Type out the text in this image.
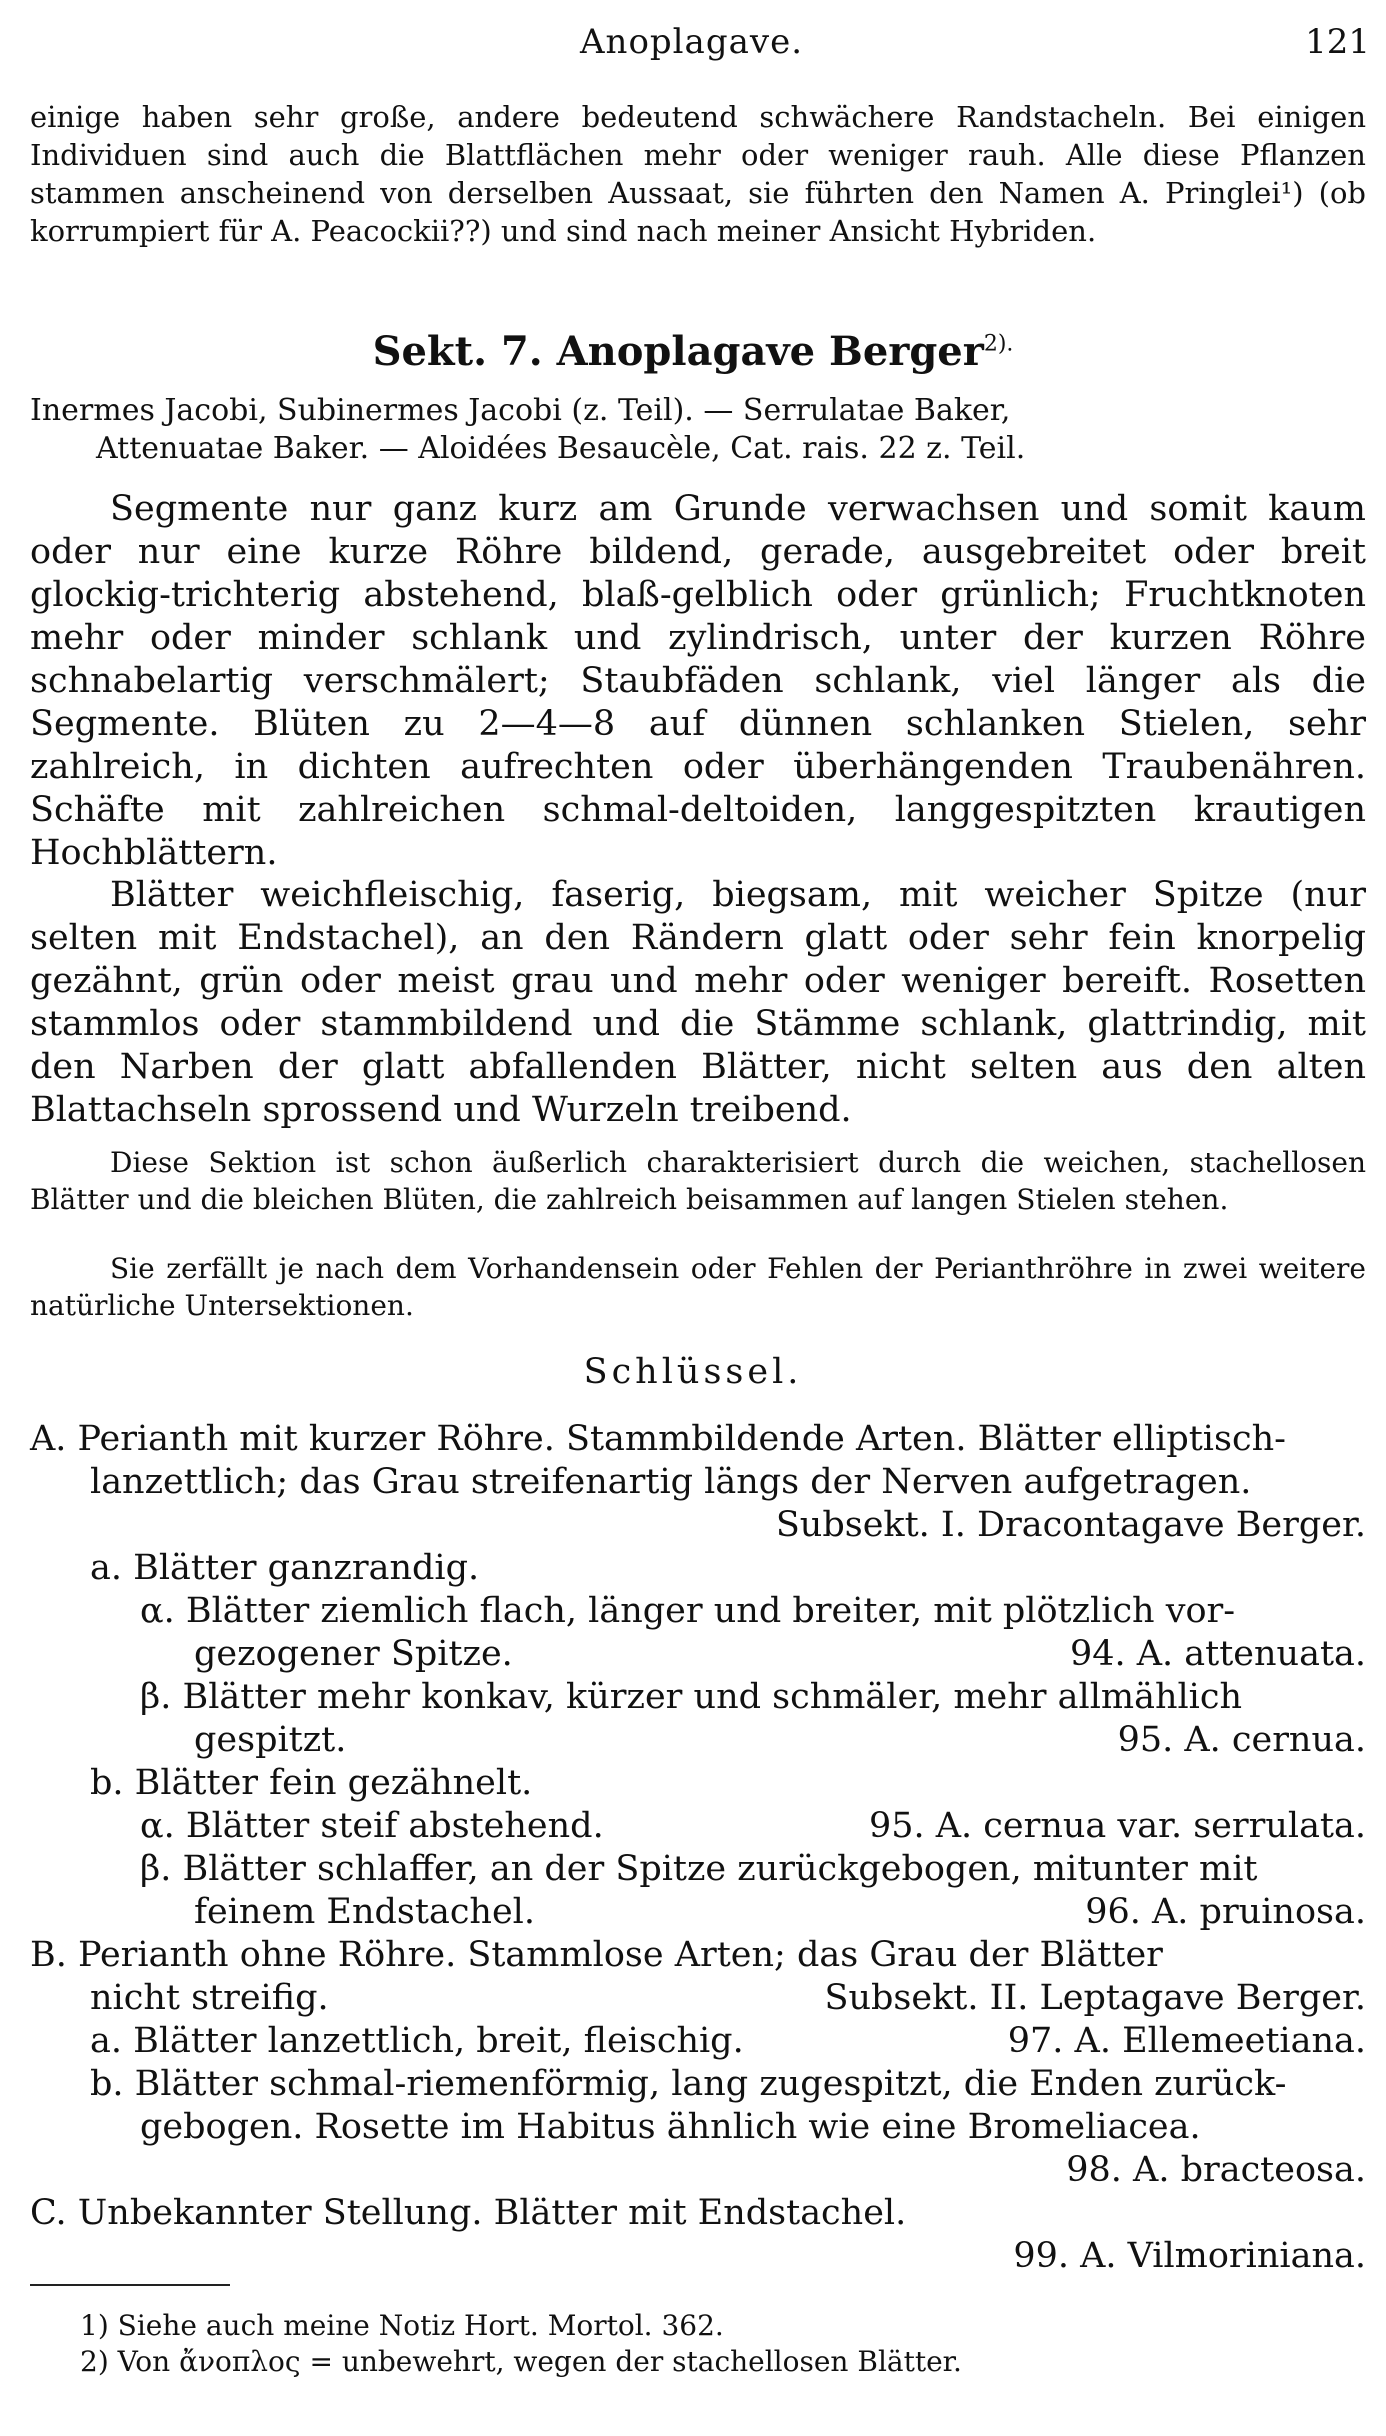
Anoplagave.	121

einige haben sehr große, andere bedeutend schwächere Randstacheln. Bei einigen Individuen sind auch die Blattflächen mehr oder weniger rauh. Alle diese Pflanzen stammen anscheinend von derselben Aussaat, sie führten den Namen A. Pringlei¹) (ob korrumpiert für A. Peacockii??) und sind nach meiner Ansicht Hybriden.

Sekt. 7. Anoplagave Berger$^{2).}$
Inermes Jacobi, Subinermes Jacobi (z. Teil). — Serrulatae Baker,
Attenuatae Baker. — Aloidées Besaucèle, Cat. rais. 22 z. Teil.

Segmente nur ganz kurz am Grunde verwachsen und somit kaum oder nur eine kurze Röhre bildend, gerade, ausgebreitet oder breit glockig-trichterig abstehend, blaß-gelblich oder grünlich; Fruchtknoten mehr oder minder schlank und zylindrisch, unter der kurzen Röhre schnabelartig verschmälert; Staubfäden schlank, viel länger als die Segmente. Blüten zu 2—4—8 auf dünnen schlanken Stielen, sehr zahlreich, in dichten aufrechten oder überhängenden Traubenähren. Schäfte mit zahlreichen schmal-deltoiden, langgespitzten krautigen Hochblättern.

Blätter weichfleischig, faserig, biegsam, mit weicher Spitze (nur selten mit Endstachel), an den Rändern glatt oder sehr fein knorpelig gezähnt, grün oder meist grau und mehr oder weniger bereift. Rosetten stammlos oder stammbildend und die Stämme schlank, glattrindig, mit den Narben der glatt abfallenden Blätter, nicht selten aus den alten Blattachseln sprossend und Wurzeln treibend.

Diese Sektion ist schon äußerlich charakterisiert durch die weichen, stachellosen Blätter und die bleichen Blüten, die zahlreich beisammen auf langen Stielen stehen.

Sie zerfällt je nach dem Vorhandensein oder Fehlen der Perianthröhre in zwei weitere natürliche Untersektionen.

Schlüssel.
A. Perianth mit kurzer Röhre. Stammbildende Arten. Blätter elliptisch-
lanzettlich; das Grau streifenartig längs der Nerven aufgetragen.
Subsekt. I. Dracontagave Berger.
a. Blätter ganzrandig.
α. Blätter ziemlich flach, länger und breiter, mit plötzlich vor-
gezogener Spitze.	94. A. attenuata.
β. Blätter mehr konkav, kürzer und schmäler, mehr allmählich
gespitzt.	95. A. cernua.
b. Blätter fein gezähnelt.
α. Blätter steif abstehend.	95. A. cernua var. serrulata.
β. Blätter schlaffer, an der Spitze zurückgebogen, mitunter mit
feinem Endstachel.	96. A. pruinosa.
B. Perianth ohne Röhre. Stammlose Arten; das Grau der Blätter
nicht streifig.	Subsekt. II. Leptagave Berger.
a. Blätter lanzettlich, breit, fleischig.	97. A. Ellemeetiana.
b. Blätter schmal-riemenförmig, lang zugespitzt, die Enden zurück-
gebogen. Rosette im Habitus ähnlich wie eine Bromeliacea.
98. A. bracteosa.
C. Unbekannter Stellung. Blätter mit Endstachel.
99. A. Vilmoriniana.
1) Siehe auch meine Notiz Hort. Mortol. 362.
2) Von ἄνοπλος = unbewehrt, wegen der stachellosen Blätter.
